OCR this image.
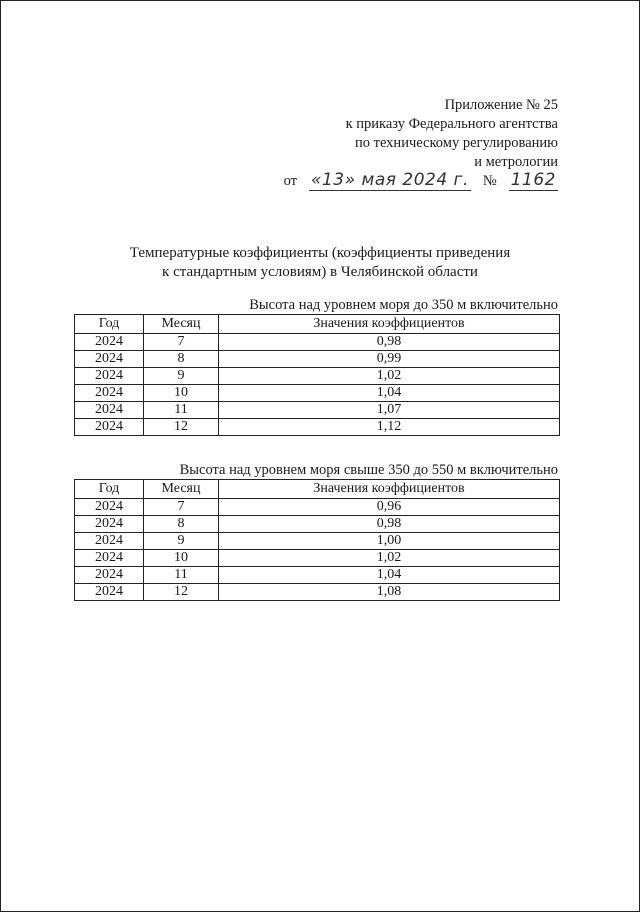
Приложение № 25
к приказу Федерального агентства
по техническому регулированию
и метрологии
от «13» мая 2024 г. № 1162
Температурные коэффициенты (коэффициенты приведения
к стандартным условиям) в Челябинской области
Высота над уровнем моря до 350 м включительно
Год	Месяц	Значения коэффициентов
2024	7	0,98
2024	8	0,99
2024	9	1,02
2024	10	1,04
2024	11	1,07
2024	12	1,12
Высота над уровнем моря свыше 350 до 550 м включительно
Год	Месяц	Значения коэффициентов
2024	7	0,96
2024	8	0,98
2024	9	1,00
2024	10	1,02
2024	11	1,04
2024	12	1,08
